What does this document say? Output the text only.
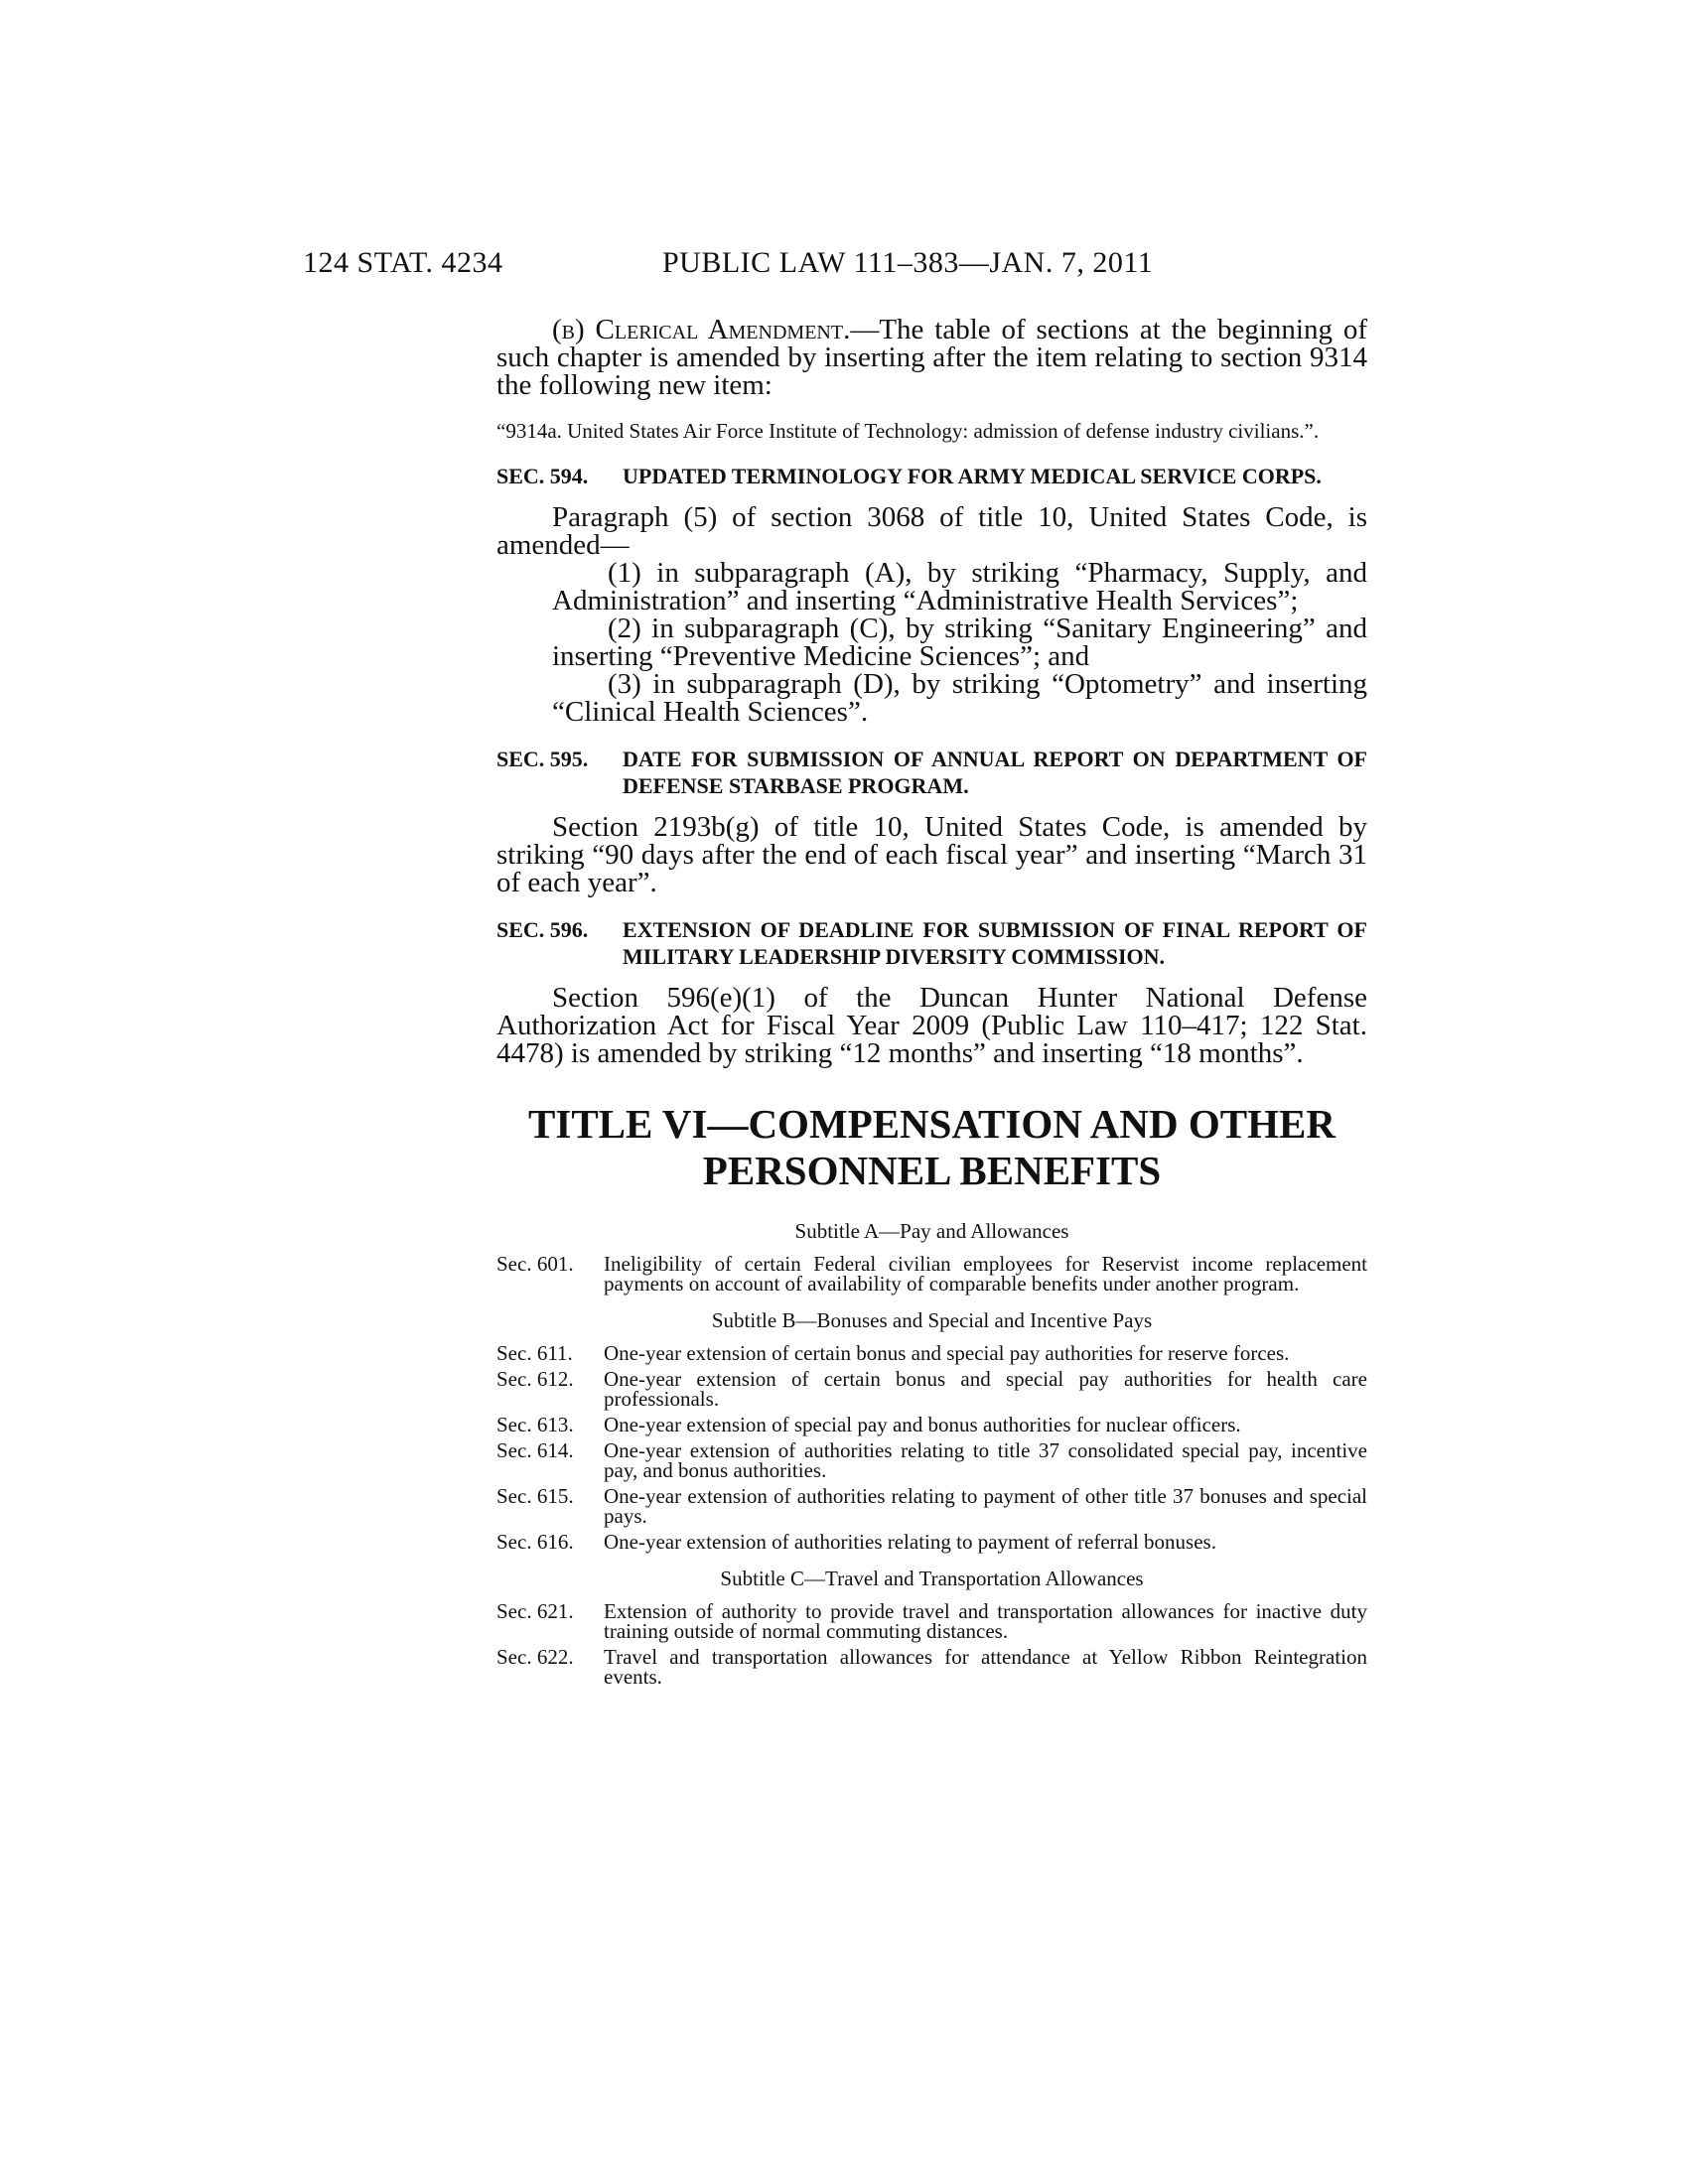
124 STAT. 4234	PUBLIC LAW 111–383—JAN. 7, 2011

(b) Clerical Amendment.—The table of sections at the beginning of such chapter is amended by inserting after the item relating to section 9314 the following new item:

“9314a. United States Air Force Institute of Technology: admission of defense industry civilians.”.

SEC. 594. UPDATED TERMINOLOGY FOR ARMY MEDICAL SERVICE CORPS.

Paragraph (5) of section 3068 of title 10, United States Code, is amended—

(1) in subparagraph (A), by striking “Pharmacy, Supply, and Administration” and inserting “Administrative Health Services”;

(2) in subparagraph (C), by striking “Sanitary Engineering” and inserting “Preventive Medicine Sciences”; and

(3) in subparagraph (D), by striking “Optometry” and inserting “Clinical Health Sciences”.

SEC. 595. DATE FOR SUBMISSION OF ANNUAL REPORT ON DEPARTMENT OF DEFENSE STARBASE PROGRAM.

Section 2193b(g) of title 10, United States Code, is amended by striking “90 days after the end of each fiscal year” and inserting “March 31 of each year”.

SEC. 596. EXTENSION OF DEADLINE FOR SUBMISSION OF FINAL REPORT OF MILITARY LEADERSHIP DIVERSITY COMMISSION.

Section 596(e)(1) of the Duncan Hunter National Defense Authorization Act for Fiscal Year 2009 (Public Law 110–417; 122 Stat. 4478) is amended by striking “12 months” and inserting “18 months”.

TITLE VI—COMPENSATION AND OTHER

PERSONNEL BENEFITS

Subtitle A—Pay and Allowances

Sec. 601. Ineligibility of certain Federal civilian employees for Reservist income replacement payments on account of availability of comparable benefits under another program.

Subtitle B—Bonuses and Special and Incentive Pays

Sec. 611. One-year extension of certain bonus and special pay authorities for reserve forces.

Sec. 612. One-year extension of certain bonus and special pay authorities for health care professionals.

Sec. 613. One-year extension of special pay and bonus authorities for nuclear officers.

Sec. 614. One-year extension of authorities relating to title 37 consolidated special pay, incentive pay, and bonus authorities.

Sec. 615. One-year extension of authorities relating to payment of other title 37 bonuses and special pays.

Sec. 616. One-year extension of authorities relating to payment of referral bonuses.

Subtitle C—Travel and Transportation Allowances

Sec. 621. Extension of authority to provide travel and transportation allowances for inactive duty training outside of normal commuting distances.

Sec. 622. Travel and transportation allowances for attendance at Yellow Ribbon Reintegration events.
